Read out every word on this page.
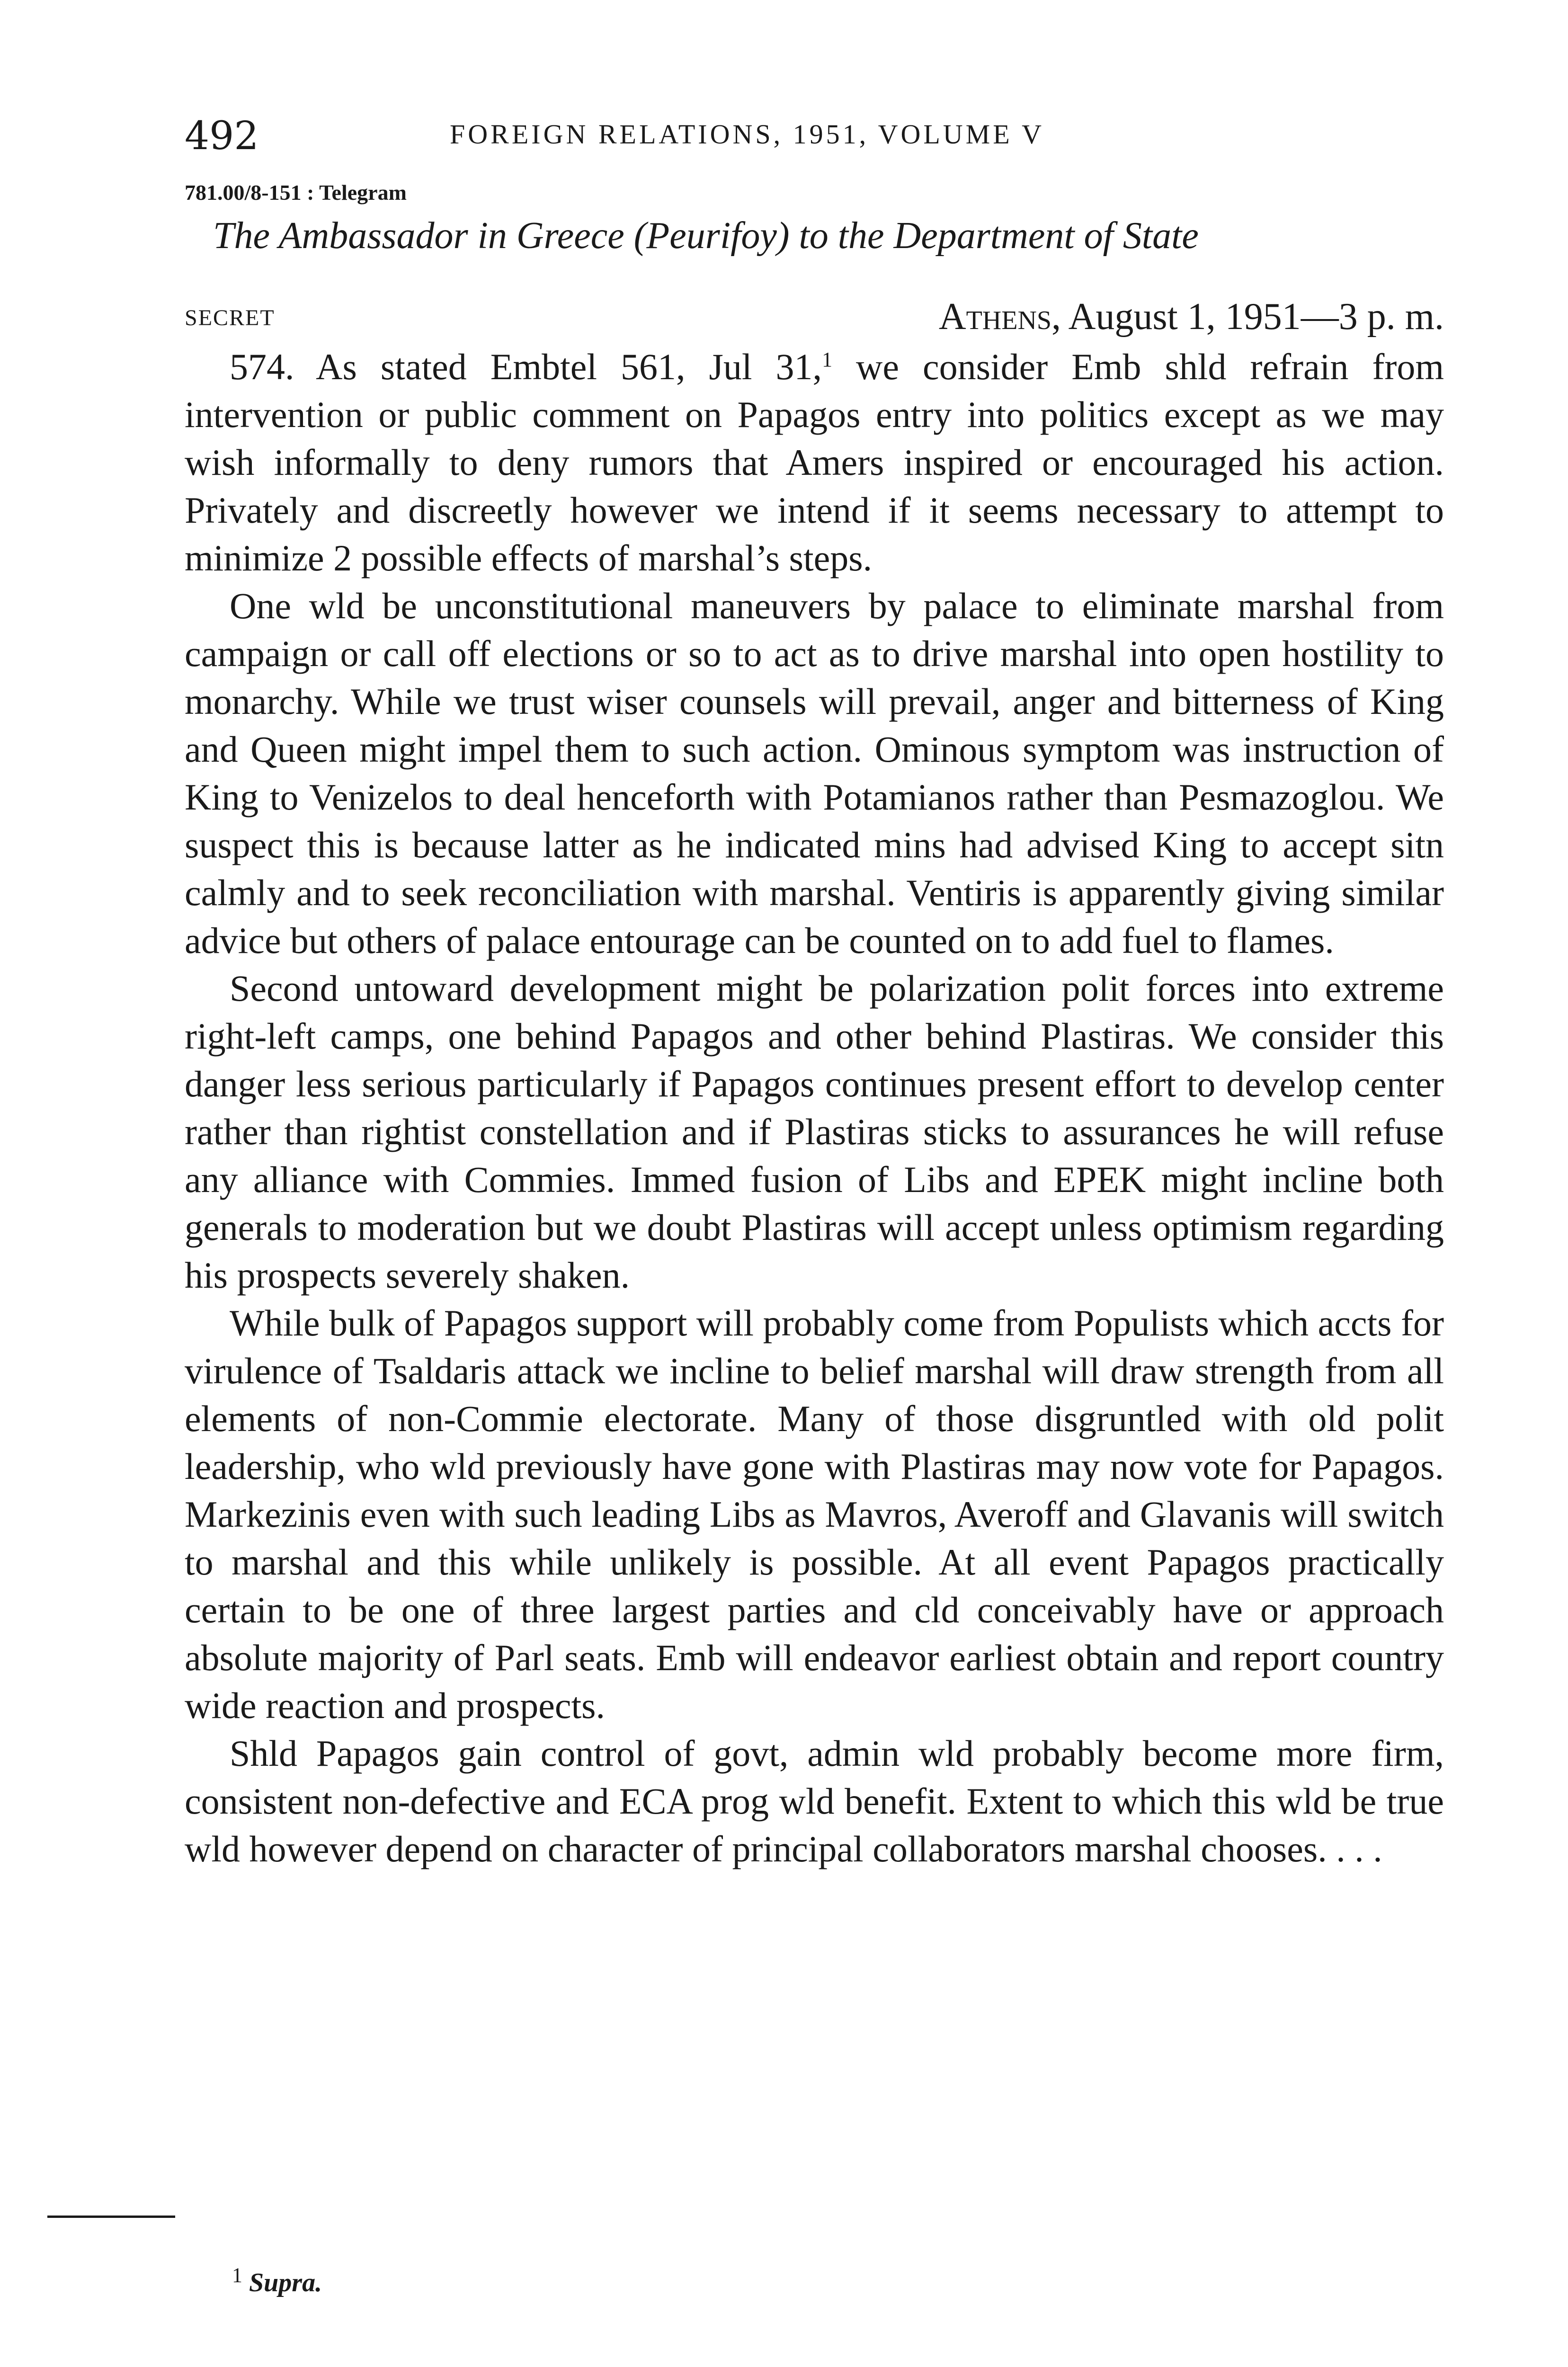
492	FOREIGN RELATIONS, 1951, VOLUME V
781.00/8-151 : Telegram
The Ambassador in Greece (Peurifoy) to the Department of State
SECRET	Athens, August 1, 1951—3 p. m.

574. As stated Embtel 561, Jul 31,$^1$ we consider Emb shld refrain from intervention or public comment on Papagos entry into politics except as we may wish informally to deny rumors that Amers inspired or encouraged his action. Privately and discreetly however we intend if it seems necessary to attempt to minimize 2 possible effects of marshal’s steps.

One wld be unconstitutional maneuvers by palace to eliminate marshal from campaign or call off elections or so to act as to drive marshal into open hostility to monarchy. While we trust wiser counsels will prevail, anger and bitterness of King and Queen might impel them to such action. Ominous symptom was instruction of King to Venizelos to deal henceforth with Potamianos rather than Pesmazoglou. We suspect this is because latter as he indicated mins had advised King to accept sitn calmly and to seek reconciliation with marshal. Ventiris is apparently giving similar advice but others of palace entourage can be counted on to add fuel to flames.

Second untoward development might be polarization polit forces into extreme right-left camps, one behind Papagos and other behind Plastiras. We consider this danger less serious particularly if Papagos continues present effort to develop center rather than rightist constellation and if Plastiras sticks to assurances he will refuse any alliance with Commies. Immed fusion of Libs and EPEK might incline both generals to moderation but we doubt Plastiras will accept unless optimism regarding his prospects severely shaken.

While bulk of Papagos support will probably come from Populists which accts for virulence of Tsaldaris attack we incline to belief marshal will draw strength from all elements of non-Commie electorate. Many of those disgruntled with old polit leadership, who wld previously have gone with Plastiras may now vote for Papagos. Markezinis even with such leading Libs as Mavros, Averoff and Glavanis will switch to marshal and this while unlikely is possible. At all event Papagos practically certain to be one of three largest parties and cld conceivably have or approach absolute majority of Parl seats. Emb will endeavor earliest obtain and report country wide reaction and prospects.

Shld Papagos gain control of govt, admin wld probably become more firm, consistent non-defective and ECA prog wld benefit. Extent to which this wld be true wld however depend on character of principal collaborators marshal chooses. . . .

$^1$ Supra.
